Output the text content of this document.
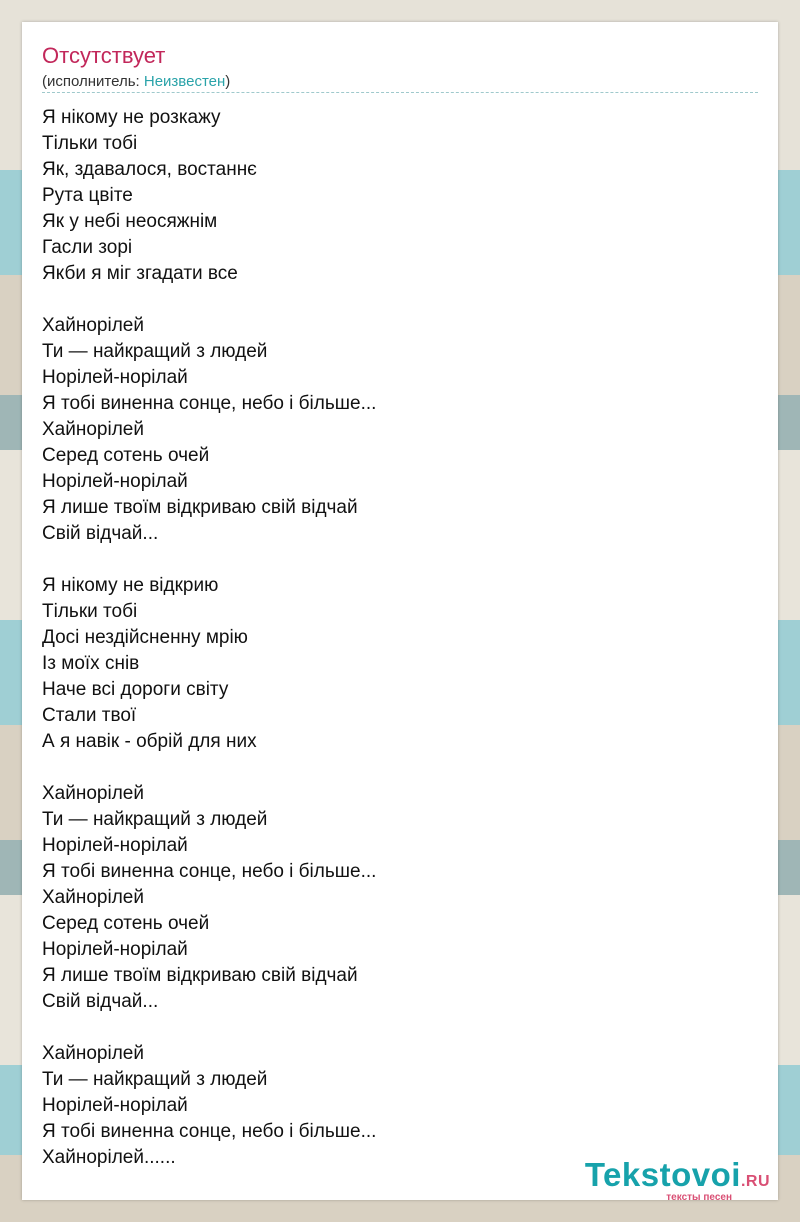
Отсутствует
(исполнитель: Неизвестен)
Я нікому не розкажу
Тільки тобі
Як, здавалося, востаннє
Рута цвіте
Як у небі неосяжнім
Гасли зорі
Якби я міг згадати все
Хайнорілей
Ти — найкращий з людей
Норілей-норілай
Я тобі виненна сонце, небо і більше...
Хайнорілей
Серед сотень очей
Норілей-норілай
Я лише твоїм відкриваю свій відчай
Свій відчай...
Я нікому не відкрию
Тільки тобі
Досі нездійсненну мрію
Із моїх снів
Наче всі дороги світу
Стали твої
А я навік - обрій для них
Хайнорілей
Ти — найкращий з людей
Норілей-норілай
Я тобі виненна сонце, небо і більше...
Хайнорілей
Серед сотень очей
Норілей-норілай
Я лише твоїм відкриваю свій відчай
Свій відчай...
Хайнорілей
Ти — найкращий з людей
Норілей-норілай
Я тобі виненна сонце, небо і більше...
Хайнорілей......	Tekstovoi.RU
тексты песен
